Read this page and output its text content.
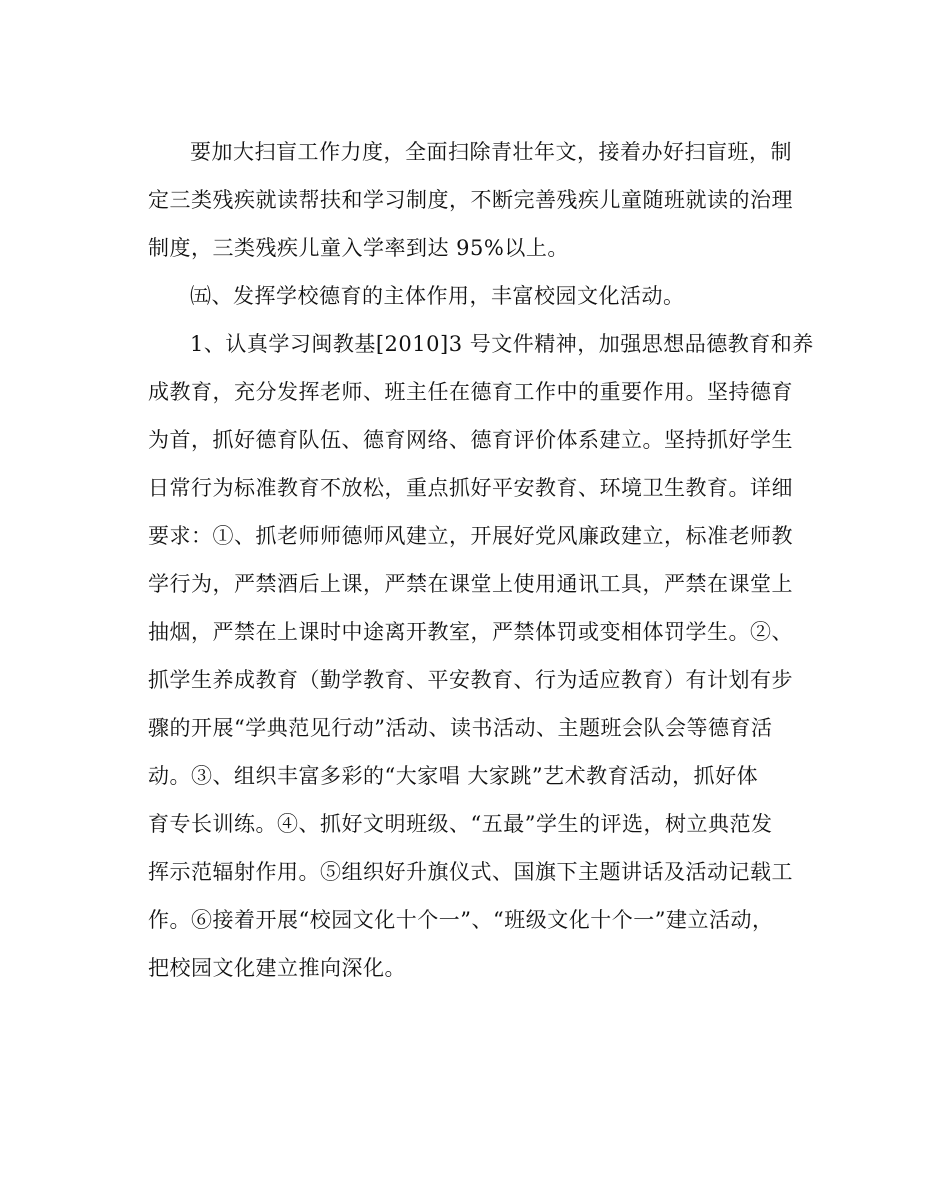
要加大扫盲工作力度，全面扫除青壮年文，接着办好扫盲班，制
定三类残疾就读帮扶和学习制度，不断完善残疾儿童随班就读的治理
制度，三类残疾儿童入学率到达 95%以上。
㈤、发挥学校德育的主体作用，丰富校园文化活动。
1、认真学习闽教基[2010]3 号文件精神，加强思想品德教育和养
成教育，充分发挥老师、班主任在德育工作中的重要作用。坚持德育
为首，抓好德育队伍、德育网络、德育评价体系建立。坚持抓好学生
日常行为标准教育不放松，重点抓好平安教育、环境卫生教育。详细
要求：①、抓老师师德师风建立，开展好党风廉政建立，标准老师教
学行为，严禁酒后上课，严禁在课堂上使用通讯工具，严禁在课堂上
抽烟，严禁在上课时中途离开教室，严禁体罚或变相体罚学生。②、
抓学生养成教育（勤学教育、平安教育、行为适应教育）有计划有步
骤的开展“学典范见行动”活动、读书活动、主题班会队会等德育活
动。③、组织丰富多彩的“大家唱 大家跳”艺术教育活动，抓好体
育专长训练。④、抓好文明班级、“五最”学生的评选，树立典范发
挥示范辐射作用。⑤组织好升旗仪式、国旗下主题讲话及活动记载工
作。⑥接着开展“校园文化十个一”、“班级文化十个一”建立活动，
把校园文化建立推向深化。
